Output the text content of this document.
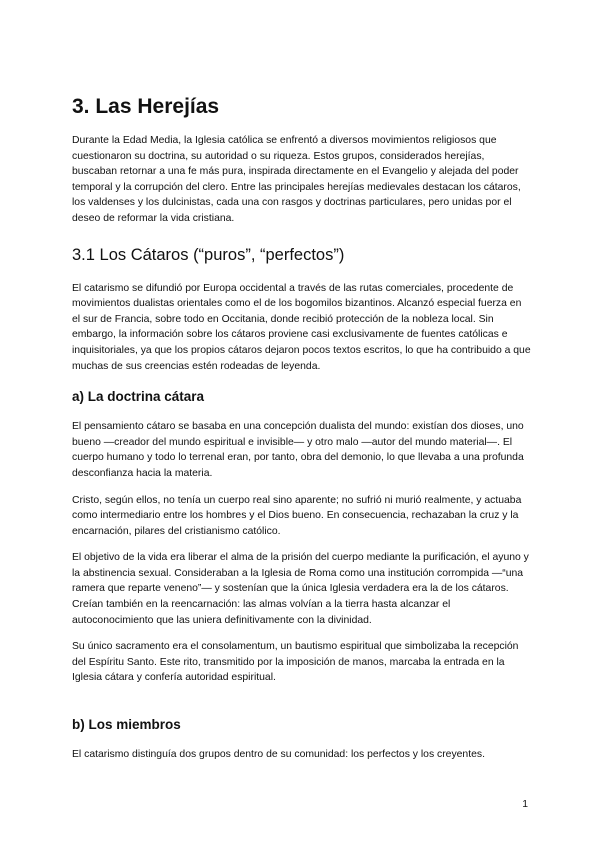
3. Las Herejías

Durante la Edad Media, la Iglesia católica se enfrentó a diversos movimientos religiosos que cuestionaron su doctrina, su autoridad o su riqueza. Estos grupos, considerados herejías, buscaban retornar a una fe más pura, inspirada directamente en el Evangelio y alejada del poder temporal y la corrupción del clero. Entre las principales herejías medievales destacan los cátaros, los valdenses y los dulcinistas, cada una con rasgos y doctrinas particulares, pero unidas por el deseo de reformar la vida cristiana.

3.1 Los Cátaros (“puros”, “perfectos”)

El catarismo se difundió por Europa occidental a través de las rutas comerciales, procedente de movimientos dualistas orientales como el de los bogomilos bizantinos. Alcanzó especial fuerza en el sur de Francia, sobre todo en Occitania, donde recibió protección de la nobleza local. Sin embargo, la información sobre los cátaros proviene casi exclusivamente de fuentes católicas e inquisitoriales, ya que los propios cátaros dejaron pocos textos escritos, lo que ha contribuido a que muchas de sus creencias estén rodeadas de leyenda.

a) La doctrina cátara

El pensamiento cátaro se basaba en una concepción dualista del mundo: existían dos dioses, uno bueno —creador del mundo espiritual e invisible— y otro malo —autor del mundo material—. El cuerpo humano y todo lo terrenal eran, por tanto, obra del demonio, lo que llevaba a una profunda desconfianza hacia la materia.

Cristo, según ellos, no tenía un cuerpo real sino aparente; no sufrió ni murió realmente, y actuaba como intermediario entre los hombres y el Dios bueno. En consecuencia, rechazaban la cruz y la encarnación, pilares del cristianismo católico.

El objetivo de la vida era liberar el alma de la prisión del cuerpo mediante la purificación, el ayuno y la abstinencia sexual. Consideraban a la Iglesia de Roma como una institución corrompida —“una ramera que reparte veneno”— y sostenían que la única Iglesia verdadera era la de los cátaros. Creían también en la reencarnación: las almas volvían a la tierra hasta alcanzar el autoconocimiento que las uniera definitivamente con la divinidad.

Su único sacramento era el consolamentum, un bautismo espiritual que simbolizaba la recepción del Espíritu Santo. Este rito, transmitido por la imposición de manos, marcaba la entrada en la Iglesia cátara y confería autoridad espiritual.

b) Los miembros

El catarismo distinguía dos grupos dentro de su comunidad: los perfectos y los creyentes.

1
